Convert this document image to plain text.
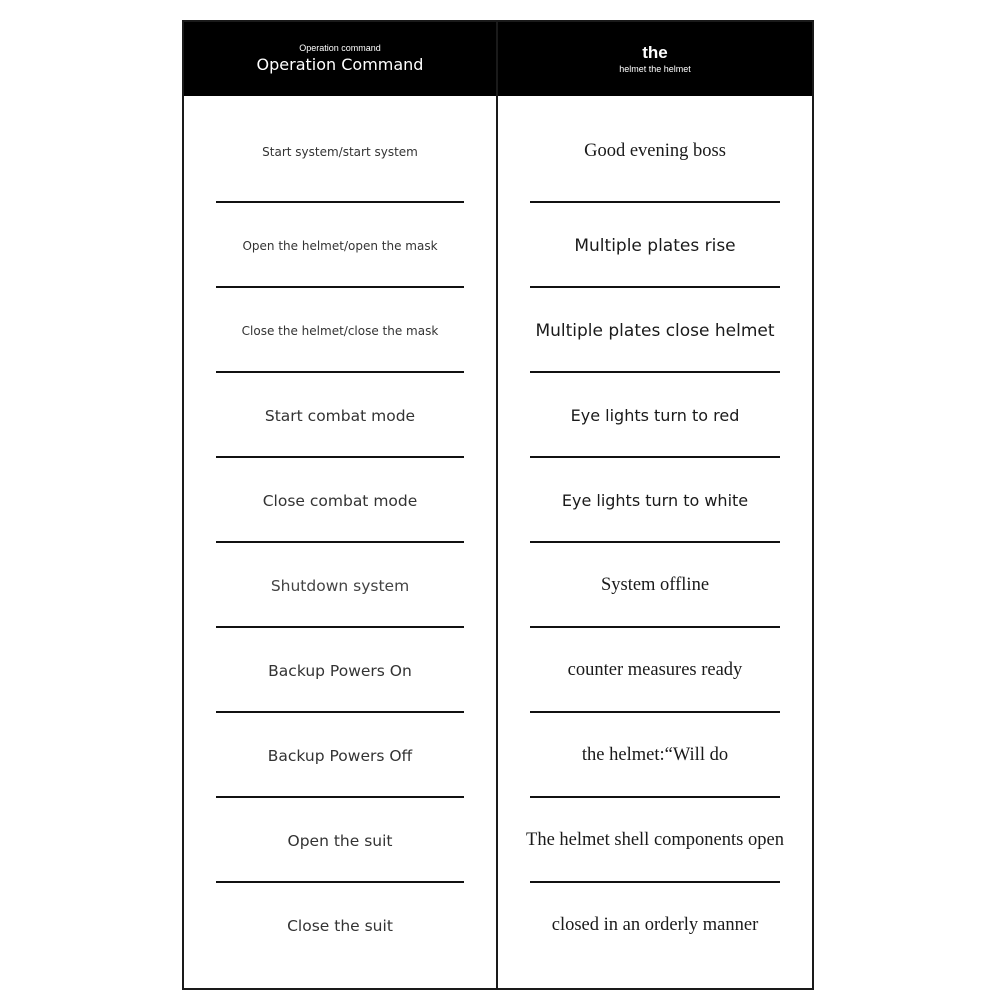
Operation command
Operation Command
Start system/start system
Open the helmet/open the mask
Close the helmet/close the mask
Start combat mode
Close combat mode
Shutdown system
Backup Powers On
Backup Powers Off
Open the suit
Close the suit
the
helmet the helmet
Good evening boss
Multiple plates rise
Multiple plates close helmet
Eye lights turn to red
Eye lights turn to white
System offline
counter measures ready
the helmet:“Will do
The helmet shell components open
closed in an orderly manner
